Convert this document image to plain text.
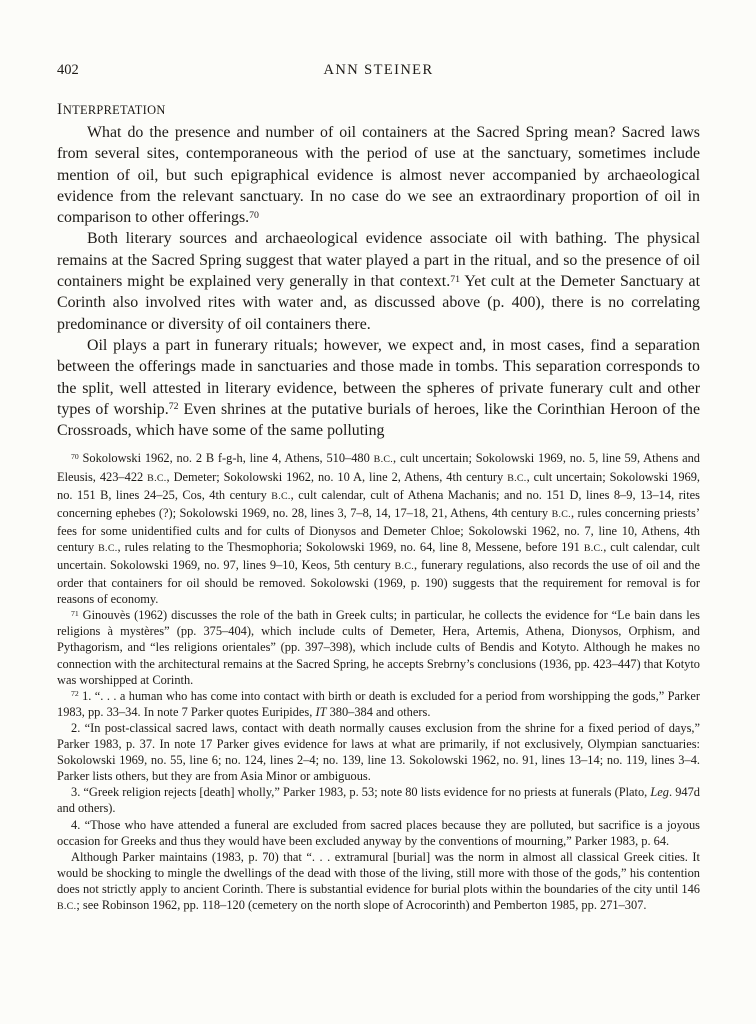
402	ANN STEINER
INTERPRETATION

What do the presence and number of oil containers at the Sacred Spring mean? Sacred laws from several sites, contemporaneous with the period of use at the sanctuary, sometimes include mention of oil, but such epigraphical evidence is almost never accompanied by archaeological evidence from the relevant sanctuary. In no case do we see an extraordinary proportion of oil in comparison to other offerings.$^{70}$

Both literary sources and archaeological evidence associate oil with bathing. The physical remains at the Sacred Spring suggest that water played a part in the ritual, and so the presence of oil containers might be explained very generally in that context.$^{71}$ Yet cult at the Demeter Sanctuary at Corinth also involved rites with water and, as discussed above (p. 400), there is no correlating predominance or diversity of oil containers there.

Oil plays a part in funerary rituals; however, we expect and, in most cases, find a separation between the offerings made in sanctuaries and those made in tombs. This separation corresponds to the split, well attested in literary evidence, between the spheres of private funerary cult and other types of worship.$^{72}$ Even shrines at the putative burials of heroes, like the Corinthian Heroon of the Crossroads, which have some of the same polluting

$^{70}$ Sokolowski 1962, no. 2 B f-g-h, line 4, Athens, 510–480 B.C., cult uncertain; Sokolowski 1969, no. 5, line 59, Athens and Eleusis, 423–422 B.C., Demeter; Sokolowski 1962, no. 10 A, line 2, Athens, 4th century B.C., cult uncertain; Sokolowski 1969, no. 151 B, lines 24–25, Cos, 4th century B.C., cult calendar, cult of Athena Machanis; and no. 151 D, lines 8–9, 13–14, rites concerning ephebes (?); Sokolowski 1969, no. 28, lines 3, 7–8, 14, 17–18, 21, Athens, 4th century B.C., rules concerning priests’ fees for some unidentified cults and for cults of Dionysos and Demeter Chloe; Sokolowski 1962, no. 7, line 10, Athens, 4th century B.C., rules relating to the Thesmophoria; Sokolowski 1969, no. 64, line 8, Messene, before 191 B.C., cult calendar, cult uncertain. Sokolowski 1969, no. 97, lines 9–10, Keos, 5th century B.C., funerary regulations, also records the use of oil and the order that containers for oil should be removed. Sokolowski (1969, p. 190) suggests that the requirement for removal is for reasons of economy.

$^{71}$ Ginouvès (1962) discusses the role of the bath in Greek cults; in particular, he collects the evidence for “Le bain dans les religions à mystères” (pp. 375–404), which include cults of Demeter, Hera, Artemis, Athena, Dionysos, Orphism, and Pythagorism, and “les religions orientales” (pp. 397–398), which include cults of Bendis and Kotyto. Although he makes no connection with the architectural remains at the Sacred Spring, he accepts Srebrny’s conclusions (1936, pp. 423–447) that Kotyto was worshipped at Corinth.

$^{72}$ 1. “. . . a human who has come into contact with birth or death is excluded for a period from worshipping the gods,” Parker 1983, pp. 33–34. In note 7 Parker quotes Euripides, IT 380–384 and others.

2. “In post-classical sacred laws, contact with death normally causes exclusion from the shrine for a fixed period of days,” Parker 1983, p. 37. In note 17 Parker gives evidence for laws at what are primarily, if not exclusively, Olympian sanctuaries: Sokolowski 1969, no. 55, line 6; no. 124, lines 2–4; no. 139, line 13. Sokolowski 1962, no. 91, lines 13–14; no. 119, lines 3–4. Parker lists others, but they are from Asia Minor or ambiguous.

3. “Greek religion rejects [death] wholly,” Parker 1983, p. 53; note 80 lists evidence for no priests at funerals (Plato, Leg. 947d and others).

4. “Those who have attended a funeral are excluded from sacred places because they are polluted, but sacrifice is a joyous occasion for Greeks and thus they would have been excluded anyway by the conventions of mourning,” Parker 1983, p. 64.

Although Parker maintains (1983, p. 70) that “. . . extramural [burial] was the norm in almost all classical Greek cities. It would be shocking to mingle the dwellings of the dead with those of the living, still more with those of the gods,” his contention does not strictly apply to ancient Corinth. There is substantial evidence for burial plots within the boundaries of the city until 146 B.C.; see Robinson 1962, pp. 118–120 (cemetery on the north slope of Acrocorinth) and Pemberton 1985, pp. 271–307.
